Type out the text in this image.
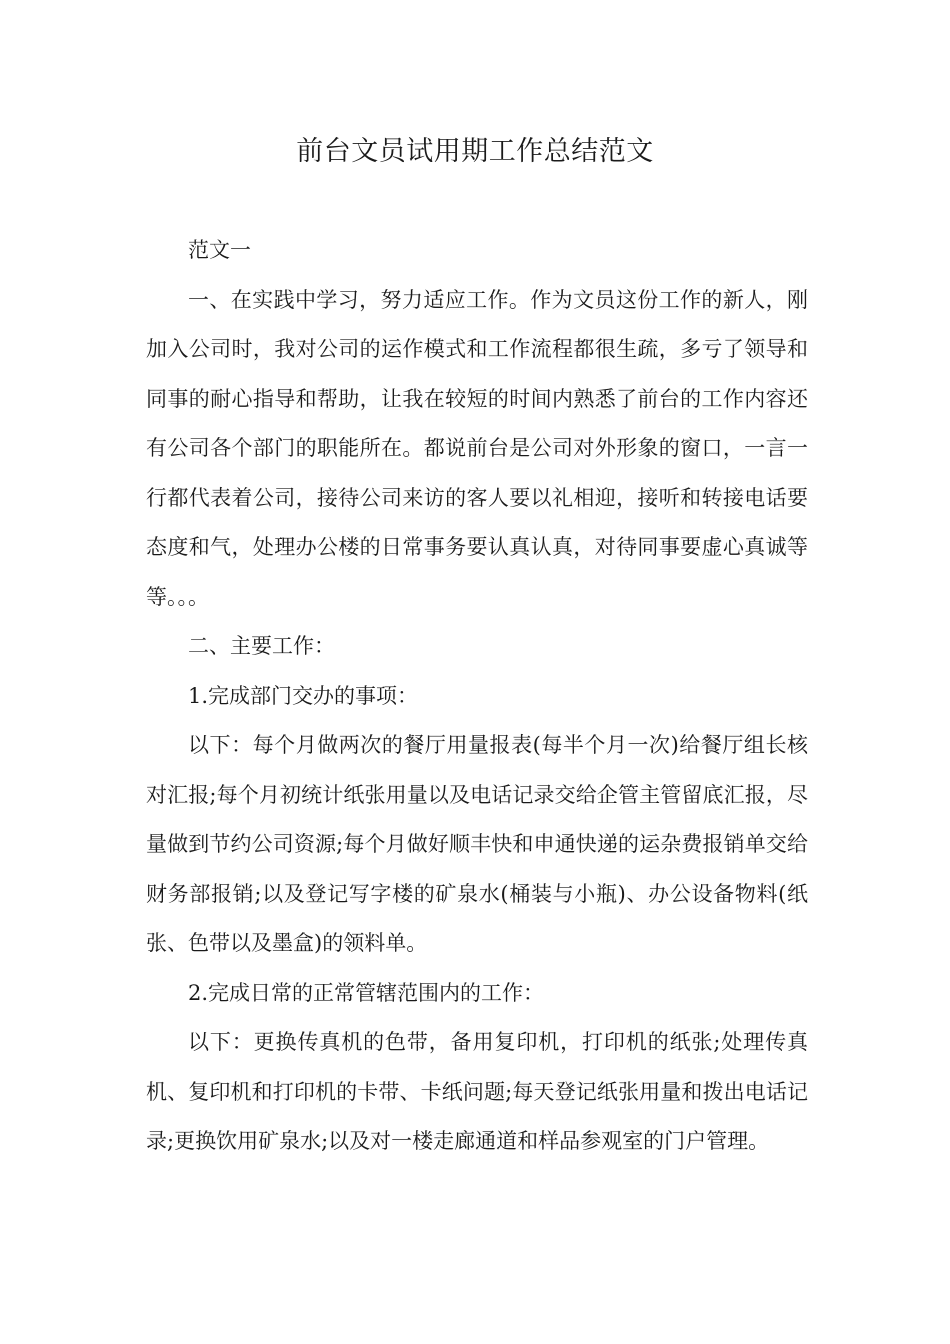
前台文员试用期工作总结范文

范文一

一、在实践中学习，努力适应工作。作为文员这份工作的新人，刚加入公司时，我对公司的运作模式和工作流程都很生疏，多亏了领导和同事的耐心指导和帮助，让我在较短的时间内熟悉了前台的工作内容还有公司各个部门的职能所在。都说前台是公司对外形象的窗口，一言一行都代表着公司，接待公司来访的客人要以礼相迎，接听和转接电话要态度和气，处理办公楼的日常事务要认真认真，对待同事要虚心真诚等等。。。

二、主要工作：

1.完成部门交办的事项：

以下：每个月做两次的餐厅用量报表(每半个月一次)给餐厅组长核对汇报;每个月初统计纸张用量以及电话记录交给企管主管留底汇报，尽量做到节约公司资源;每个月做好顺丰快和申通快递的运杂费报销单交给财务部报销;以及登记写字楼的矿泉水(桶装与小瓶)、办公设备物料(纸张、色带以及墨盒)的领料单。

2.完成日常的正常管辖范围内的工作：

以下：更换传真机的色带，备用复印机，打印机的纸张;处理传真机、复印机和打印机的卡带、卡纸问题;每天登记纸张用量和拨出电话记录;更换饮用矿泉水;以及对一楼走廊通道和样品参观室的门户管理。
